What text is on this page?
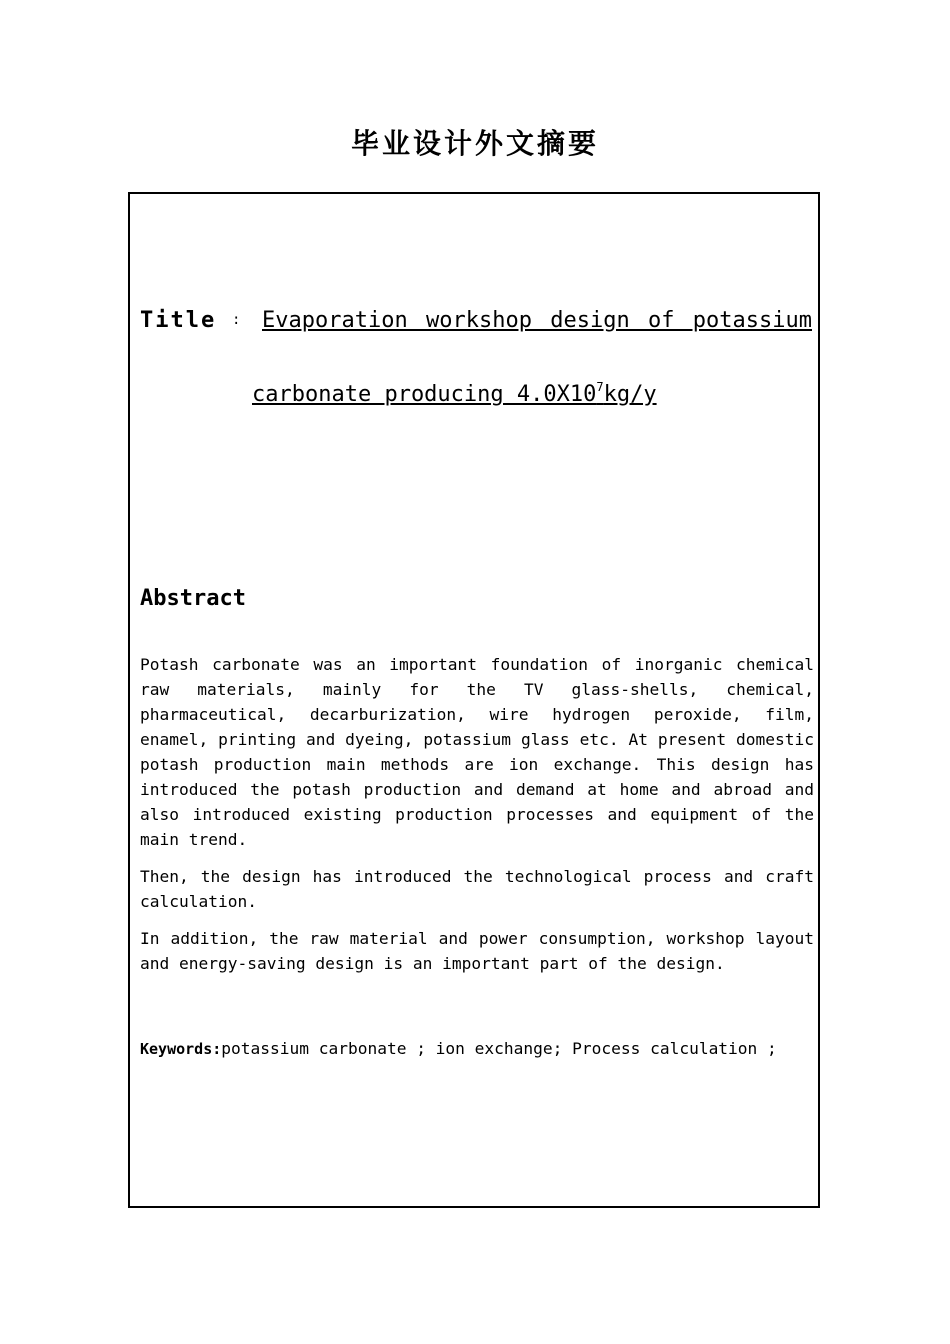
毕业设计外文摘要
Title : Evaporation workshop design of potassium
carbonate producing $4.0X10^7kg/y$
Abstract

Potash carbonate was an important foundation of inorganic chemical raw materials, mainly for the TV glass-shells, chemical, pharmaceutical, decarburization, wire hydrogen peroxide, film, enamel, printing and dyeing, potassium glass etc. At present domestic potash production main methods are ion exchange. This design has introduced the potash production and demand at home and abroad and also introduced existing production processes and equipment of the main trend.

Then, the design has introduced the technological process and craft calculation.

In addition, the raw material and power consumption, workshop layout and energy-saving design is an important part of the design.

Keywords:potassium carbonate ; ion exchange; Process calculation ;
